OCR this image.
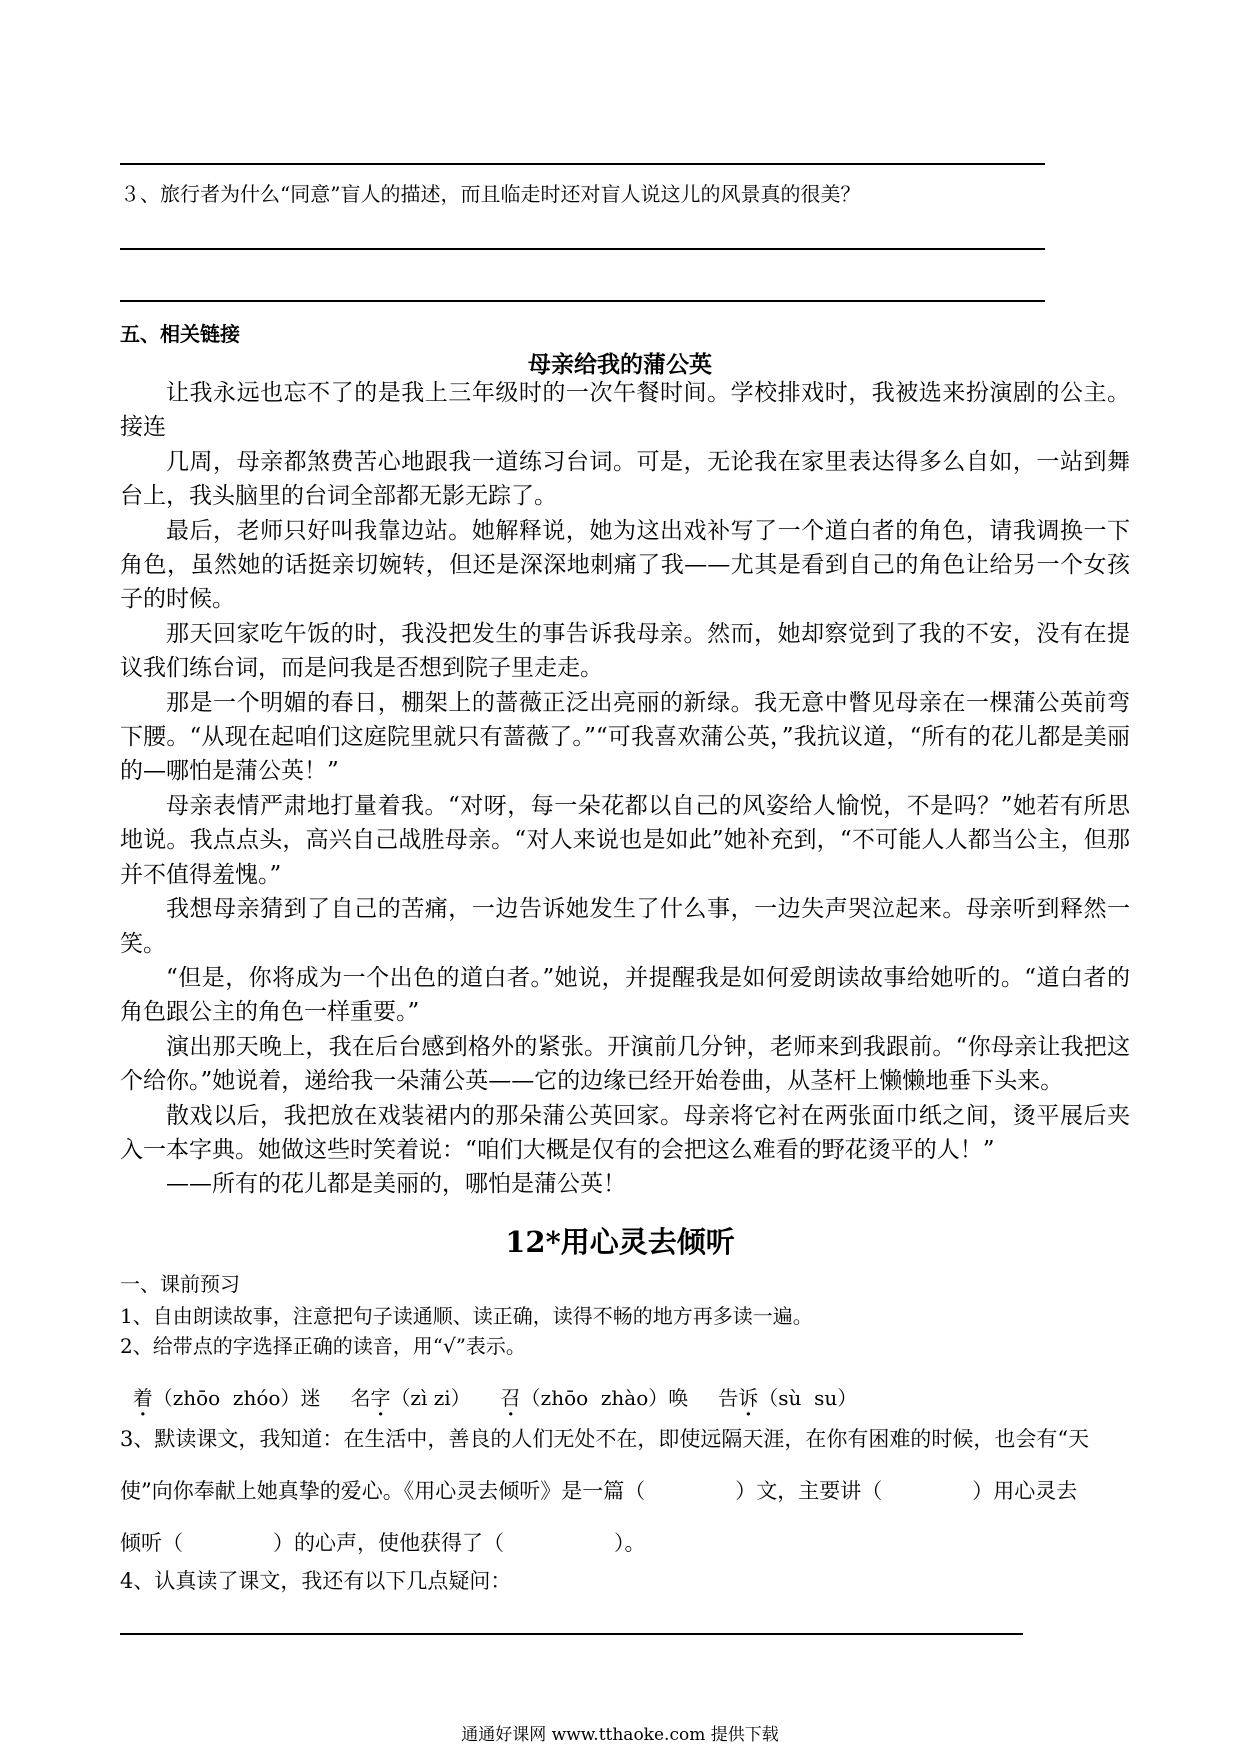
３、旅行者为什么“同意”盲人的描述，而且临走时还对盲人说这儿的风景真的很美？
五、相关链接
母亲给我的蒲公英

让我永远也忘不了的是我上三年级时的一次午餐时间。学校排戏时，我被选来扮演剧的公主。接连

几周，母亲都煞费苦心地跟我一道练习台词。可是，无论我在家里表达得多么自如，一站到舞台上，我头脑里的台词全部都无影无踪了。

最后，老师只好叫我靠边站。她解释说，她为这出戏补写了一个道白者的角色，请我调换一下角色，虽然她的话挺亲切婉转，但还是深深地刺痛了我——尤其是看到自己的角色让给另一个女孩子的时候。

那天回家吃午饭的时，我没把发生的事告诉我母亲。然而，她却察觉到了我的不安，没有在提议我们练台词，而是问我是否想到院子里走走。

那是一个明媚的春日，棚架上的蔷薇正泛出亮丽的新绿。我无意中瞥见母亲在一棵蒲公英前弯下腰。“从现在起咱们这庭院里就只有蔷薇了。”“可我喜欢蒲公英，”我抗议道，“所有的花儿都是美丽的—哪怕是蒲公英！”

母亲表情严肃地打量着我。“对呀，每一朵花都以自己的风姿给人愉悦，不是吗？”她若有所思地说。我点点头，高兴自己战胜母亲。“对人来说也是如此”她补充到，“不可能人人都当公主，但那并不值得羞愧。”

我想母亲猜到了自己的苦痛，一边告诉她发生了什么事，一边失声哭泣起来。母亲听到释然一笑。

“但是，你将成为一个出色的道白者。”她说，并提醒我是如何爱朗读故事给她听的。“道白者的角色跟公主的角色一样重要。”

演出那天晚上，我在后台感到格外的紧张。开演前几分钟，老师来到我跟前。“你母亲让我把这个给你。”她说着，递给我一朵蒲公英——它的边缘已经开始卷曲，从茎杆上懒懒地垂下头来。

散戏以后，我把放在戏装裙内的那朵蒲公英回家。母亲将它衬在两张面巾纸之间，烫平展后夹入一本字典。她做这些时笑着说：“咱们大概是仅有的会把这么难看的野花烫平的人！”

——所有的花儿都是美丽的，哪怕是蒲公英！

12*用心灵去倾听
一、课前预习
1、自由朗读故事，注意把句子读通顺、读正确，读得不畅的地方再多读一遍。
2、给带点的字选择正确的读音，用“√”表示。

着（zhōo  zhóo）迷 名字（zì zi） 召（zhōo  zhào）唤 告诉（sù  su）

3、默读课文，我知道：在生活中，善良的人们无处不在，即使远隔天涯，在你有困难的时候，也会有“天
使”向你奉献上她真挚的爱心。《用心灵去倾听》是一篇（	）文，主要讲（	）用心灵去
倾听（	）的心声，使他获得了（	）。
4、认真读了课文，我还有以下几点疑问：
通通好课网 www.tthaoke.com 提供下载
